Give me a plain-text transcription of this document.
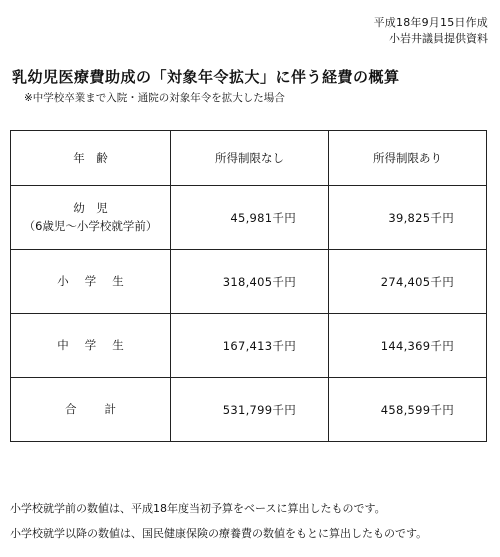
平成18年9月15日作成
小岩井議員提供資料
乳幼児医療費助成の「対象年令拡大」に伴う経費の概算
※中学校卒業まで入院・通院の対象年令を拡大した場合
年　齢	所得制限なし	所得制限あり

幼　児
（6歳児～小学校就学前）	45,981千円	39,825千円
小学生	318,405千円	274,405千円
中学生	167,413千円	144,369千円
合計	531,799千円	458,599千円
小学校就学前の数値は、平成18年度当初予算をベースに算出したものです。
小学校就学以降の数値は、国民健康保険の療養費の数値をもとに算出したものです。
